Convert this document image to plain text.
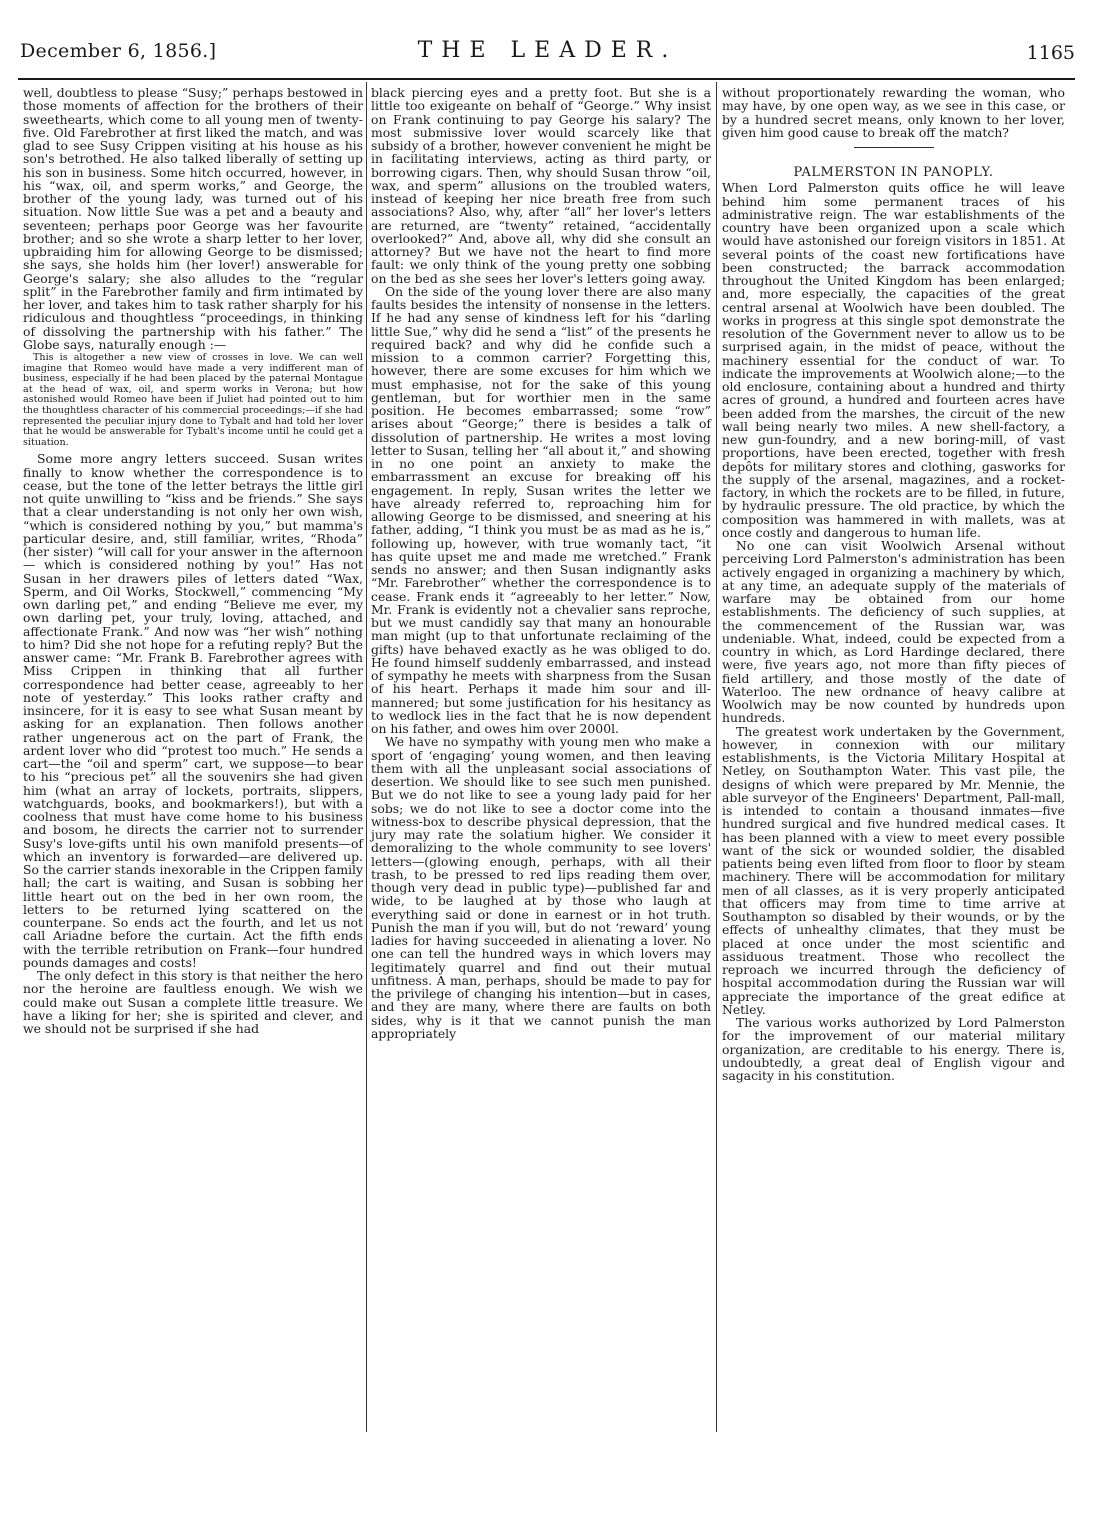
December 6, 1856.]	THE LEADER.	1165

well, doubtless to please “Susy;” perhaps bestowed in those moments of affection for the brothers of their sweethearts, which come to all young men of twenty-five. Old Farebrother at first liked the match, and was glad to see Susy Crippen visiting at his house as his son's betrothed. He also talked liberally of setting up his son in business. Some hitch occurred, however, in his “wax, oil, and sperm works,” and George, the brother of the young lady, was turned out of his situation. Now little Sue was a pet and a beauty and seventeen; perhaps poor George was her favourite brother; and so she wrote a sharp letter to her lover, upbraiding him for allowing George to be dismissed; she says, she holds him (her lover!) answerable for George's salary; she also alludes to the “regular split” in the Farebrother family and firm intimated by her lover, and takes him to task rather sharply for his ridiculous and thoughtless “proceedings, in thinking of dissolving the partnership with his father.” The Globe says, naturally enough :—

This is altogether a new view of crosses in love. We can well imagine that Romeo would have made a very indifferent man of business, especially if he had been placed by the paternal Montague at the head of wax, oil, and sperm works in Verona; but how astonished would Romeo have been if Juliet had pointed out to him the thoughtless character of his commercial proceedings;—if she had represented the peculiar injury done to Tybalt and had told her lover that he would be answerable for Tybalt's income until he could get a situation.

Some more angry letters succeed. Susan writes finally to know whether the correspondence is to cease, but the tone of the letter betrays the little girl not quite unwilling to “kiss and be friends.” She says that a clear understanding is not only her own wish, “which is considered nothing by you,” but mamma's particular desire, and, still familiar, writes, “Rhoda” (her sister) “will call for your answer in the afternoon — which is considered nothing by you!” Has not Susan in her drawers piles of letters dated “Wax, Sperm, and Oil Works, Stockwell,” commencing “My own darling pet,” and ending “Believe me ever, my own darling pet, your truly, loving, attached, and affectionate Frank.” And now was “her wish” nothing to him? Did she not hope for a refuting reply? But the answer came: “Mr. Frank B. Farebrother agrees with Miss Crippen in thinking that all further correspondence had better cease, agreeably to her note of yesterday.” This looks rather crafty and insincere, for it is easy to see what Susan meant by asking for an explanation. Then follows another rather ungenerous act on the part of Frank, the ardent lover who did “protest too much.” He sends a cart—the “oil and sperm” cart, we suppose—to bear to his “precious pet” all the souvenirs she had given him (what an array of lockets, portraits, slippers, watchguards, books, and bookmarkers!), but with a coolness that must have come home to his business and bosom, he directs the carrier not to surrender Susy's love-gifts until his own manifold presents—of which an inventory is forwarded—are delivered up. So the carrier stands inexorable in the Crippen family hall; the cart is waiting, and Susan is sobbing her little heart out on the bed in her own room, the letters to be returned lying scattered on the counterpane. So ends act the fourth, and let us not call Ariadne before the curtain. Act the fifth ends with the terrible retribution on Frank—four hundred pounds damages and costs!

The only defect in this story is that neither the hero nor the heroine are faultless enough. We wish we could make out Susan a complete little treasure. We have a liking for her; she is spirited and clever, and we should not be surprised if she had

black piercing eyes and a pretty foot. But she is a little too exigeante on behalf of “George.” Why insist on Frank continuing to pay George his salary? The most submissive lover would scarcely like that subsidy of a brother, however convenient he might be in facilitating interviews, acting as third party, or borrowing cigars. Then, why should Susan throw “oil, wax, and sperm” allusions on the troubled waters, instead of keeping her nice breath free from such associations? Also, why, after “all” her lover's letters are returned, are “twenty” retained, “accidentally overlooked?” And, above all, why did she consult an attorney? But we have not the heart to find more fault: we only think of the young pretty one sobbing on the bed as she sees her lover's letters going away.

On the side of the young lover there are also many faults besides the intensity of nonsense in the letters. If he had any sense of kindness left for his “darling little Sue,” why did he send a “list” of the presents he required back? and why did he confide such a mission to a common carrier? Forgetting this, however, there are some excuses for him which we must emphasise, not for the sake of this young gentleman, but for worthier men in the same position. He becomes embarrassed; some “row” arises about “George;” there is besides a talk of dissolution of partnership. He writes a most loving letter to Susan, telling her “all about it,” and showing in no one point an anxiety to make the embarrassment an excuse for breaking off his engagement. In reply, Susan writes the letter we have already referred to, reproaching him for allowing George to be dismissed, and sneering at his father, adding, “I think you must be as mad as he is,” following up, however, with true womanly tact, “it has quite upset me and made me wretched.” Frank sends no answer; and then Susan indignantly asks “Mr. Farebrother” whether the correspondence is to cease. Frank ends it “agreeably to her letter.” Now, Mr. Frank is evidently not a chevalier sans reproche, but we must candidly say that many an honourable man might (up to that unfortunate reclaiming of the gifts) have behaved exactly as he was obliged to do. He found himself suddenly embarrassed, and instead of sympathy he meets with sharpness from the Susan of his heart. Perhaps it made him sour and ill-mannered; but some justification for his hesitancy as to wedlock lies in the fact that he is now dependent on his father, and owes him over 2000l.

We have no sympathy with young men who make a sport of ‘engaging’ young women, and then leaving them with all the unpleasant social associations of desertion. We should like to see such men punished. But we do not like to see a young lady paid for her sobs; we do not like to see a doctor come into the witness-box to describe physical depression, that the jury may rate the solatium higher. We consider it demoralizing to the whole community to see lovers' letters—(glowing enough, perhaps, with all their trash, to be pressed to red lips reading them over, though very dead in public type)—published far and wide, to be laughed at by those who laugh at everything said or done in earnest or in hot truth. Punish the man if you will, but do not ‘reward’ young ladies for having succeeded in alienating a lover. No one can tell the hundred ways in which lovers may legitimately quarrel and find out their mutual unfitness. A man, perhaps, should be made to pay for the privilege of changing his intention—but in cases, and they are many, where there are faults on both sides, why is it that we cannot punish the man appropriately

without proportionately rewarding the woman, who may have, by one open way, as we see in this case, or by a hundred secret means, only known to her lover, given him good cause to break off the match?

PALMERSTON IN PANOPLY.

When Lord Palmerston quits office he will leave behind him some permanent traces of his administrative reign. The war establishments of the country have been organized upon a scale which would have astonished our foreign visitors in 1851. At several points of the coast new fortifications have been constructed; the barrack accommodation throughout the United Kingdom has been enlarged; and, more especially, the capacities of the great central arsenal at Woolwich have been doubled. The works in progress at this single spot demonstrate the resolution of the Government never to allow us to be surprised again, in the midst of peace, without the machinery essential for the conduct of war. To indicate the improvements at Woolwich alone;—to the old enclosure, containing about a hundred and thirty acres of ground, a hundred and fourteen acres have been added from the marshes, the circuit of the new wall being nearly two miles. A new shell-factory, a new gun-foundry, and a new boring-mill, of vast proportions, have been erected, together with fresh depôts for military stores and clothing, gasworks for the supply of the arsenal, magazines, and a rocket-factory, in which the rockets are to be filled, in future, by hydraulic pressure. The old practice, by which the composition was hammered in with mallets, was at once costly and dangerous to human life.

No one can visit Woolwich Arsenal without perceiving Lord Palmerston's administration has been actively engaged in organizing a machinery by which, at any time, an adequate supply of the materials of warfare may be obtained from our home establishments. The deficiency of such supplies, at the commencement of the Russian war, was undeniable. What, indeed, could be expected from a country in which, as Lord Hardinge declared, there were, five years ago, not more than fifty pieces of field artillery, and those mostly of the date of Waterloo. The new ordnance of heavy calibre at Woolwich may be now counted by hundreds upon hundreds.

The greatest work undertaken by the Government, however, in connexion with our military establishments, is the Victoria Military Hospital at Netley, on Southampton Water. This vast pile, the designs of which were prepared by Mr. Mennie, the able surveyor of the Engineers' Department, Pall-mall, is intended to contain a thousand inmates—five hundred surgical and five hundred medical cases. It has been planned with a view to meet every possible want of the sick or wounded soldier, the disabled patients being even lifted from floor to floor by steam machinery. There will be accommodation for military men of all classes, as it is very properly anticipated that officers may from time to time arrive at Southampton so disabled by their wounds, or by the effects of unhealthy climates, that they must be placed at once under the most scientific and assiduous treatment. Those who recollect the reproach we incurred through the deficiency of hospital accommodation during the Russian war will appreciate the importance of the great edifice at Netley.

The various works authorized by Lord Palmerston for the improvement of our material military organization, are creditable to his energy. There is, undoubtedly, a great deal of English vigour and sagacity in his constitution.
